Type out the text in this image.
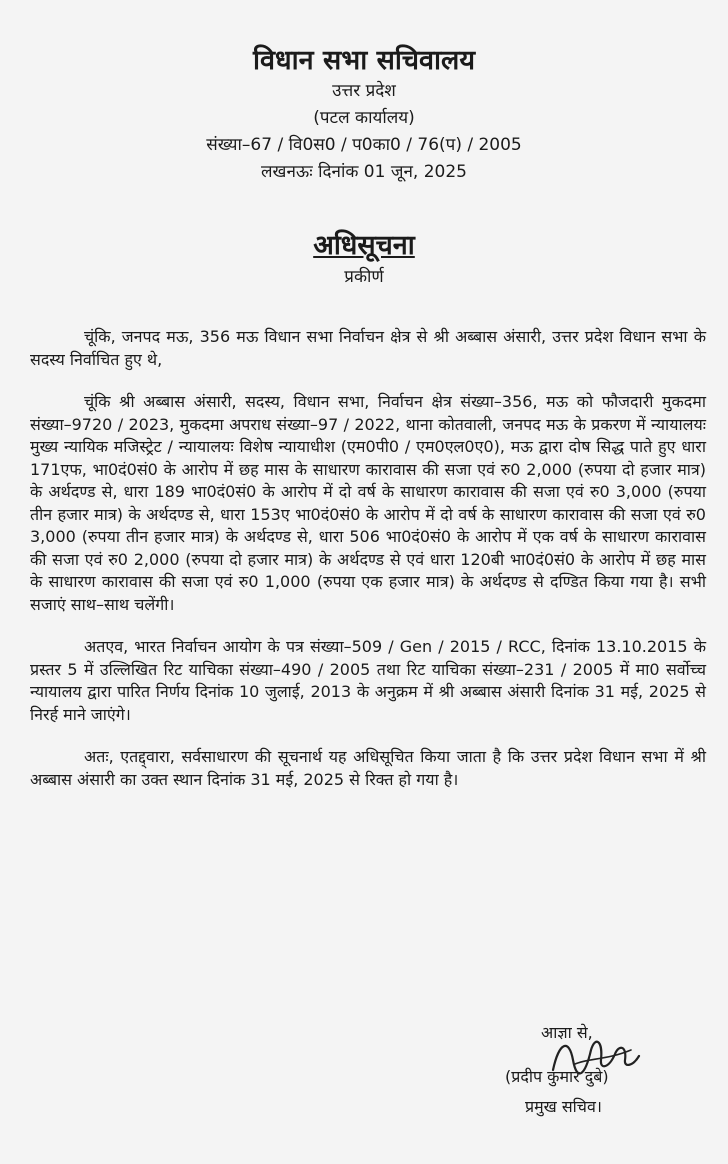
विधान सभा सचिवालय
उत्तर प्रदेश
(पटल कार्यालय)
संख्या–67 / वि0स0 / प0का0 / 76(प) / 2005
लखनऊः दिनांक 01 जून, 2025
अधिसूचना
प्रकीर्ण

चूंकि, जनपद मऊ, 356 मऊ विधान सभा निर्वाचन क्षेत्र से श्री अब्बास अंसारी, उत्तर प्रदेश विधान सभा के सदस्य निर्वाचित हुए थे,

चूंकि श्री अब्बास अंसारी, सदस्य, विधान सभा, निर्वाचन क्षेत्र संख्या–356, मऊ को फौजदारी मुकदमा संख्या–9720 / 2023, मुकदमा अपराध संख्या–97 / 2022, थाना कोतवाली, जनपद मऊ के प्रकरण में न्यायालयः मुख्य न्यायिक मजिस्ट्रेट / न्यायालयः विशेष न्यायाधीश (एम0पी0 / एम0एल0ए0), मऊ द्वारा दोष सिद्ध पाते हुए धारा 171एफ, भा0दं0सं0 के आरोप में छह मास के साधारण कारावास की सजा एवं रु0 2,000 (रुपया दो हजार मात्र) के अर्थदण्ड से, धारा 189 भा0दं0सं0 के आरोप में दो वर्ष के साधारण कारावास की सजा एवं रु0 3,000 (रुपया तीन हजार मात्र) के अर्थदण्ड से, धारा 153ए भा0दं0सं0 के आरोप में दो वर्ष के साधारण कारावास की सजा एवं रु0 3,000 (रुपया तीन हजार मात्र) के अर्थदण्ड से, धारा 506 भा0दं0सं0 के आरोप में एक वर्ष के साधारण कारावास की सजा एवं रु0 2,000 (रुपया दो हजार मात्र) के अर्थदण्ड से एवं धारा 120बी भा0दं0सं0 के आरोप में छह मास के साधारण कारावास की सजा एवं रु0 1,000 (रुपया एक हजार मात्र) के अर्थदण्ड से दण्डित किया गया है। सभी सजाएं साथ–साथ चलेंगी।

अतएव, भारत निर्वाचन आयोग के पत्र संख्या–509 / Gen / 2015 / RCC, दिनांक 13.10.2015 के प्रस्तर 5 में उल्लिखित रिट याचिका संख्या–490 / 2005 तथा रिट याचिका संख्या–231 / 2005 में मा0 सर्वोच्च न्यायालय द्वारा पारित निर्णय दिनांक 10 जुलाई, 2013 के अनुक्रम में श्री अब्बास अंसारी दिनांक 31 मई, 2025 से निरर्ह माने जाएंगे।

अतः, एतद्द्वारा, सर्वसाधारण की सूचनार्थ यह अधिसूचित किया जाता है कि उत्तर प्रदेश विधान सभा में श्री अब्बास अंसारी का उक्त स्थान दिनांक 31 मई, 2025 से रिक्त हो गया है।

आज्ञा से,
(प्रदीप कुमार दुबे)
प्रमुख सचिव।
